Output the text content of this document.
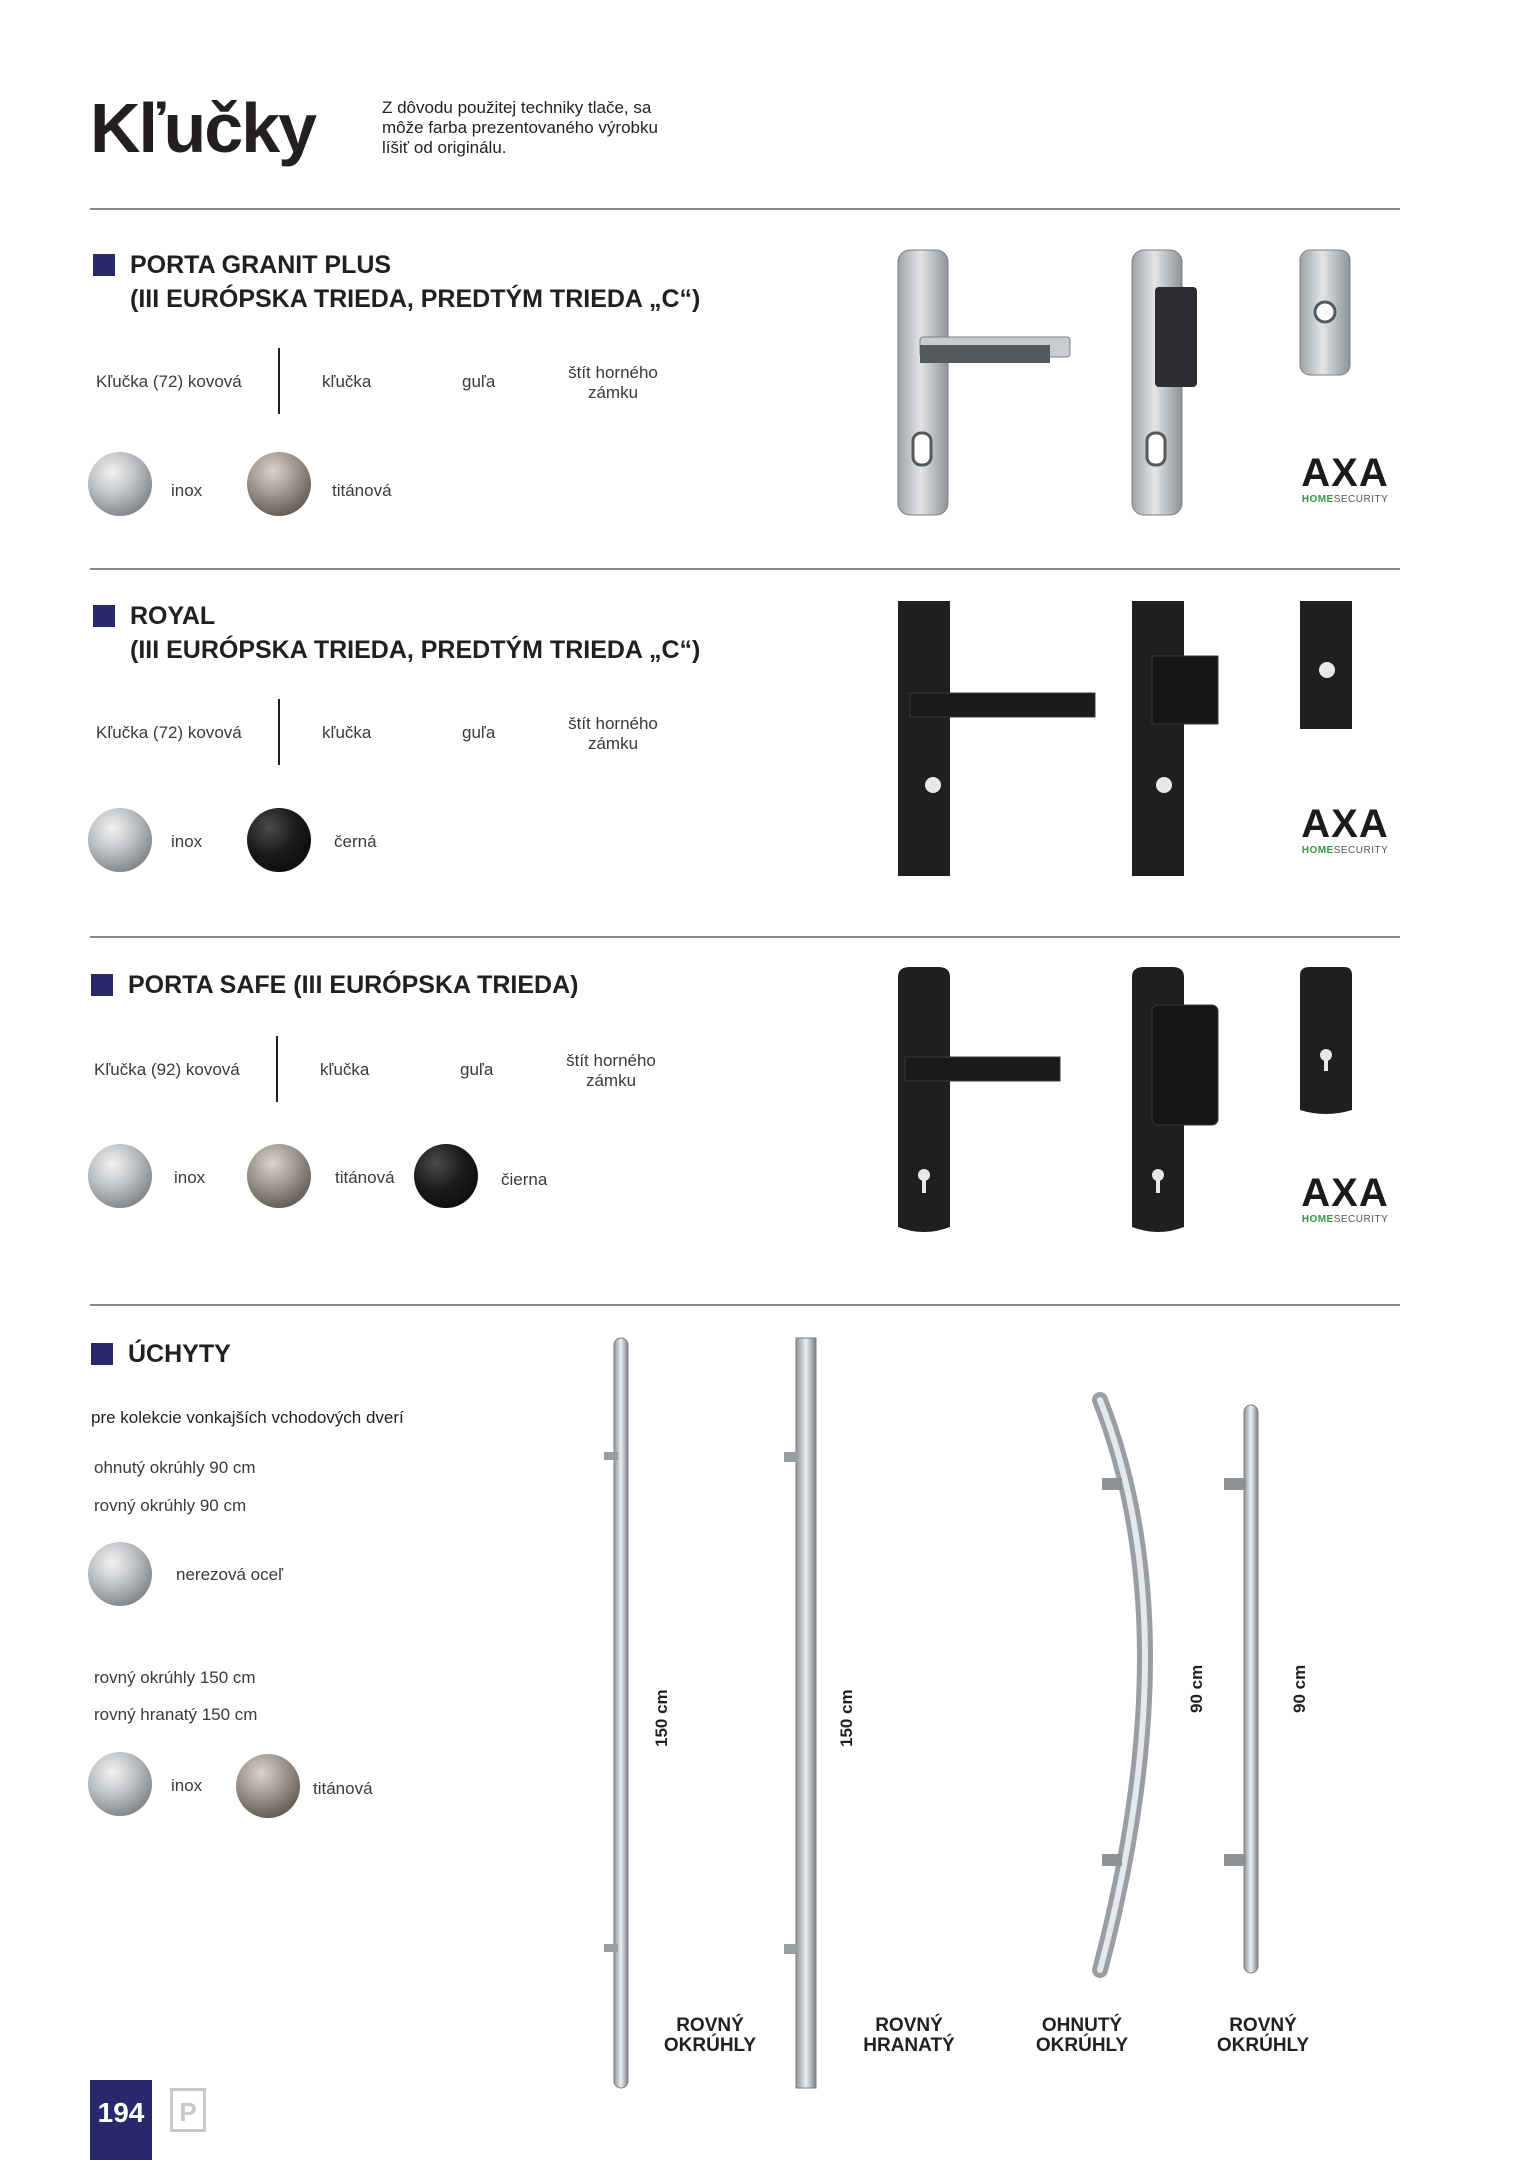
Kľučky	Z dôvodu použitej techniky tlače, sa môže farba prezentovaného výrobku líšiť od originálu.
PORTA GRANIT PLUS
(III EURÓPSKA TRIEDA, PREDTÝM TRIEDA „C“)
Kľučka (72) kovová	kľučka	guľa	štít horného zámku
inox	titánová	AXA
HOMESECURITY
ROYAL
(III EURÓPSKA TRIEDA, PREDTÝM TRIEDA „C“)
Kľučka (72) kovová	kľučka	guľa	štít horného zámku
inox	černá	AXA
HOMESECURITY
PORTA SAFE (III EURÓPSKA TRIEDA)
Kľučka (92) kovová	kľučka	guľa	štít horného zámku
inox	titánová	čierna	AXA
HOMESECURITY
ÚCHYTY
pre kolekcie vonkajších vchodových dverí
ohnutý okrúhly 90 cm
rovný okrúhly 90 cm
nerezová oceľ
rovný okrúhly 150 cm
rovný hranatý 150 cm
inox	titánová
150 cm	150 cm
90 cm	90 cm
ROVNÝ
OKRÚHLY
ROVNÝ
HRANATÝ
OHNUTÝ
OKRÚHLY
ROVNÝ
OKRÚHLY
194	P
